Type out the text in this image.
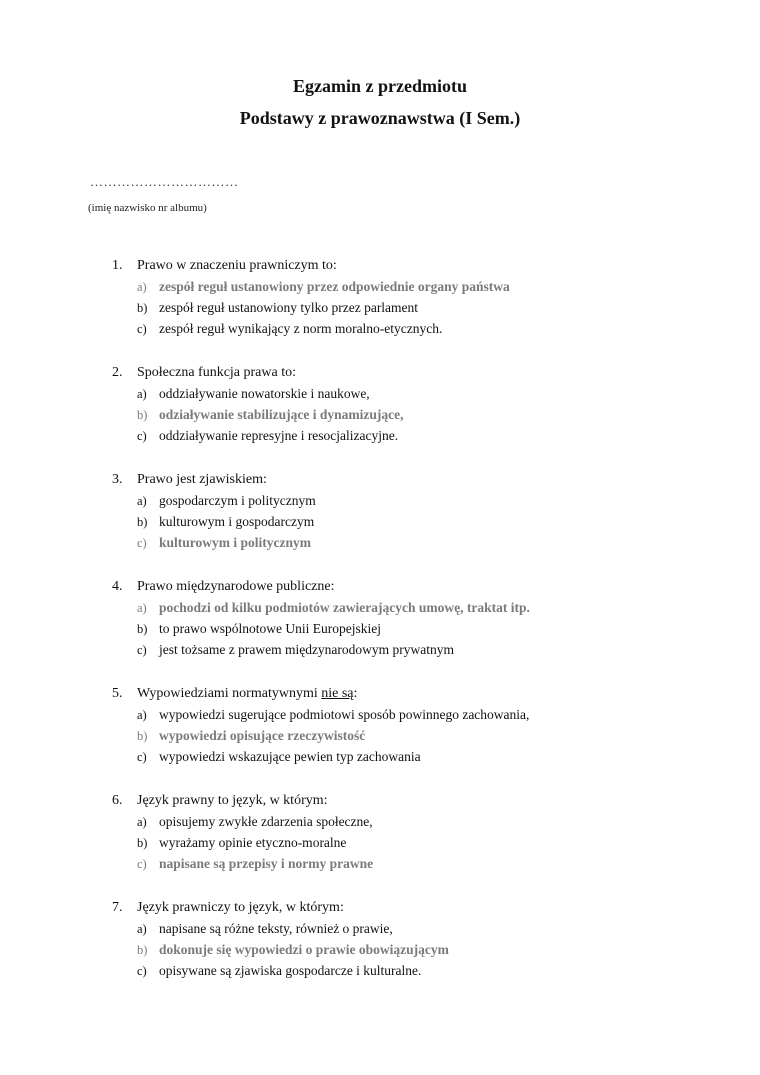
Egzamin z przedmiotu
Podstawy z prawoznawstwa (I Sem.)
……………………………
(imię nazwisko nr albumu)
1.	Prawo w znaczeniu prawniczym to:
a) zespół reguł ustanowiony przez odpowiednie organy państwa
b) zespół reguł ustanowiony tylko przez parlament
c) zespół reguł wynikający z norm moralno-etycznych.
2.	Społeczna funkcja prawa to:
a) oddziaływanie nowatorskie i naukowe,
b) odziaływanie stabilizujące i dynamizujące,
c) oddziaływanie represyjne i resocjalizacyjne.
3.	Prawo jest zjawiskiem:
a) gospodarczym i politycznym
b) kulturowym i gospodarczym
c) kulturowym i politycznym
4.	Prawo międzynarodowe publiczne:
a) pochodzi od kilku podmiotów zawierających umowę, traktat itp.
b) to prawo wspólnotowe Unii Europejskiej
c) jest tożsame z prawem międzynarodowym prywatnym
5.	Wypowiedziami normatywnymi nie są:
a) wypowiedzi sugerujące podmiotowi sposób powinnego zachowania,
b) wypowiedzi opisujące rzeczywistość
c) wypowiedzi wskazujące pewien typ zachowania
6.	Język prawny to język, w którym:
a) opisujemy zwykłe zdarzenia społeczne,
b) wyrażamy opinie etyczno-moralne
c) napisane są przepisy i normy prawne
7.	Język prawniczy to język, w którym:
a) napisane są różne teksty, również o prawie,
b) dokonuje się wypowiedzi o prawie obowiązującym
c) opisywane są zjawiska gospodarcze i kulturalne.
